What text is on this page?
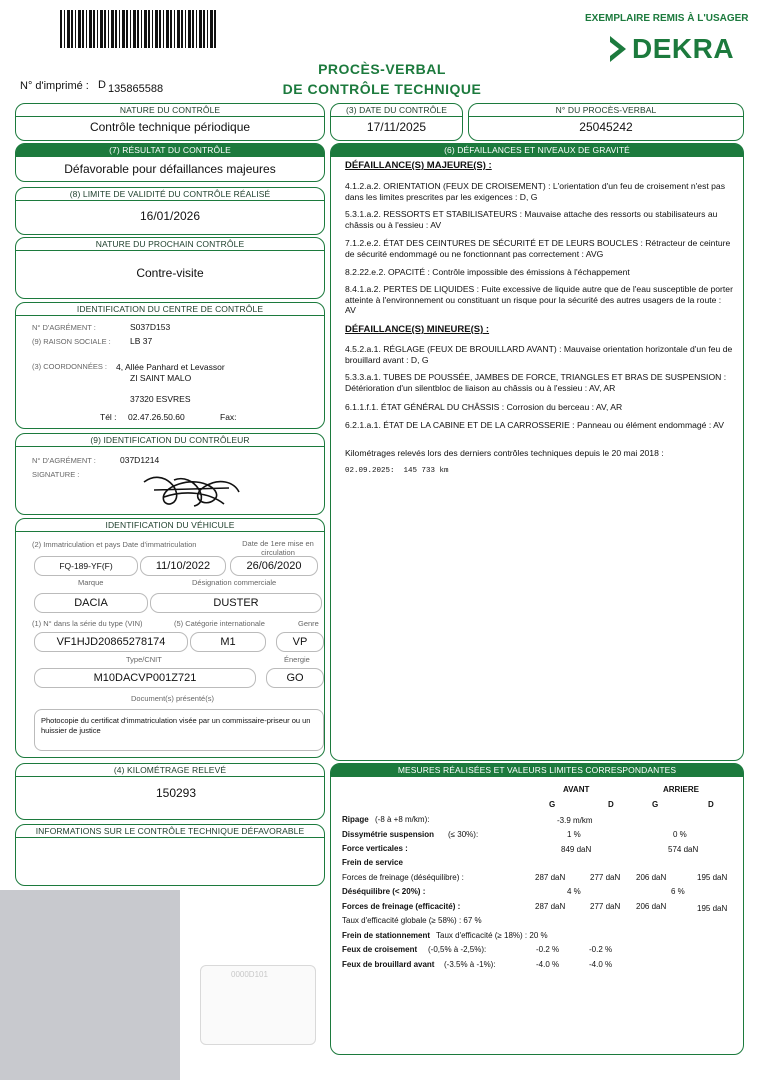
EXEMPLAIRE REMIS À L'USAGER
DEKRA
N° d'imprimé : D 135865588
PROCÈS-VERBAL
DE CONTRÔLE TECHNIQUE
NATURE DU CONTRÔLE
Contrôle technique périodique
(3) DATE DU CONTRÔLE
17/11/2025
N° DU PROCÈS-VERBAL
25045242
(7) RÉSULTAT DU CONTRÔLE
Défavorable pour défaillances majeures
(8) LIMITE DE VALIDITÉ DU CONTRÔLE RÉALISÉ
16/01/2026
NATURE DU PROCHAIN CONTRÔLE
Contre-visite
IDENTIFICATION DU CENTRE DE CONTRÔLE
N° D'AGRÉMENT :	S037D153
(9) RAISON SOCIALE : LB 37
(3) COORDONNÉES : 4, Allée Panhard et Levassor
ZI SAINT MALO
37320 ESVRES
Tél : 02.47.26.50.60	Fax:
(9) IDENTIFICATION DU CONTRÔLEUR
N° D'AGRÉMENT :	037D1214
SIGNATURE :
IDENTIFICATION DU VÉHICULE
(2) Immatriculation et pays Date d'immatriculation	Date de 1ere mise en circulation
FQ-189-YF(F)	11/10/2022	26/06/2020
Marque	Désignation commerciale
DACIA	DUSTER
(1) N° dans la série du type (VIN)	(5) Catégorie internationale	Genre
VF1HJD20865278174	M1	VP
Type/CNIT	Énergie
M10DACVP001Z721	GO
Document(s) présenté(s)
Photocopie du certificat d'immatriculation visée par un commissaire-priseur ou un huissier de justice
(4) KILOMÉTRAGE RELEVÉ
150293
INFORMATIONS SUR LE CONTRÔLE TECHNIQUE DÉFAVORABLE
(6) DÉFAILLANCES ET NIVEAUX DE GRAVITÉ
DÉFAILLANCE(S) MAJEURE(S) :
4.1.2.a.2. ORIENTATION (FEUX DE CROISEMENT) : L'orientation d'un feu de croisement n'est pas dans les limites prescrites par les exigences : D, G
5.3.1.a.2. RESSORTS ET STABILISATEURS : Mauvaise attache des ressorts ou stabilisateurs au châssis ou à l'essieu : AV
7.1.2.e.2. ÉTAT DES CEINTURES DE SÉCURITÉ ET DE LEURS BOUCLES : Rétracteur de ceinture de sécurité endommagé ou ne fonctionnant pas correctement : AVG
8.2.22.e.2. OPACITÉ : Contrôle impossible des émissions à l'échappement
8.4.1.a.2. PERTES DE LIQUIDES : Fuite excessive de liquide autre que de l'eau susceptible de porter atteinte à l'environnement ou constituant un risque pour la sécurité des autres usagers de la route : AV
DÉFAILLANCE(S) MINEURE(S) :
4.5.2.a.1. RÉGLAGE (FEUX DE BROUILLARD AVANT) : Mauvaise orientation horizontale d'un feu de brouillard avant : D, G
5.3.3.a.1. TUBES DE POUSSÉE, JAMBES DE FORCE, TRIANGLES ET BRAS DE SUSPENSION : Détérioration d'un silentbloc de liaison au châssis ou à l'essieu : AV, AR
6.1.1.f.1. ÉTAT GÉNÉRAL DU CHÂSSIS : Corrosion du berceau : AV, AR
6.2.1.a.1. ÉTAT DE LA CABINE ET DE LA CARROSSERIE : Panneau ou élément endommagé : AV
Kilométrages relevés lors des derniers contrôles techniques depuis le 20 mai 2018 :
02.09.2025:  145 733 km
MESURES RÉALISÉES ET VALEURS LIMITES CORRESPONDANTES
AVANT	ARRIERE
G	D	G	D
Ripage (-8 à +8 m/km):	-3.9 m/km
Dissymétrie suspension (≤ 30%):	1 %	0 %
Force verticales :	849 daN	574 daN
Frein de service
Forces de freinage (déséquilibre) :	287 daN	277 daN 206 daN	195 daN
Déséquilibre (< 20%) :	4 %	6 %
Forces de freinage (efficacité) :	287 daN	277 daN 206 daN	195 daN
Taux d'efficacité globale (≥ 58%) : 67 %
Frein de stationnement Taux d'efficacité (≥ 18%) : 20 %
Feux de croisement (-0,5% à -2,5%):	-0.2 %	-0.2 %
Feux de brouillard avant (-3.5% à -1%):	-4.0 %	-4.0 %
0000D101
